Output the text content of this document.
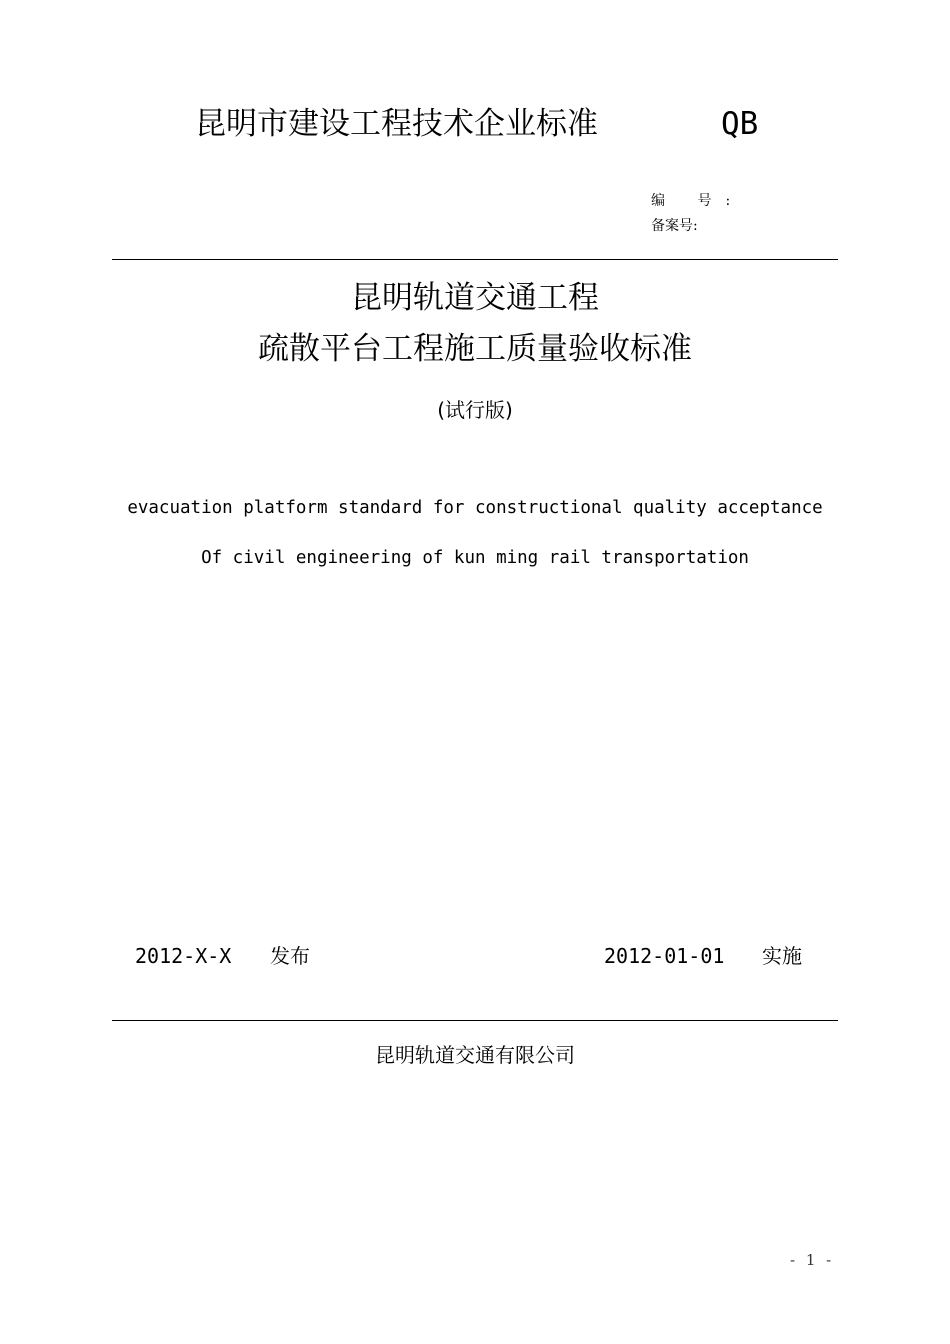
昆明市建设工程技术企业标准	QB
编 号:
备案号:
昆明轨道交通工程
疏散平台工程施工质量验收标准
(试行版)
evacuation platform standard for constructional quality acceptance
Of civil engineering of kun ming rail transportation
2012-X-X 发布	2012-01-01 实施
昆明轨道交通有限公司
- 1 -
